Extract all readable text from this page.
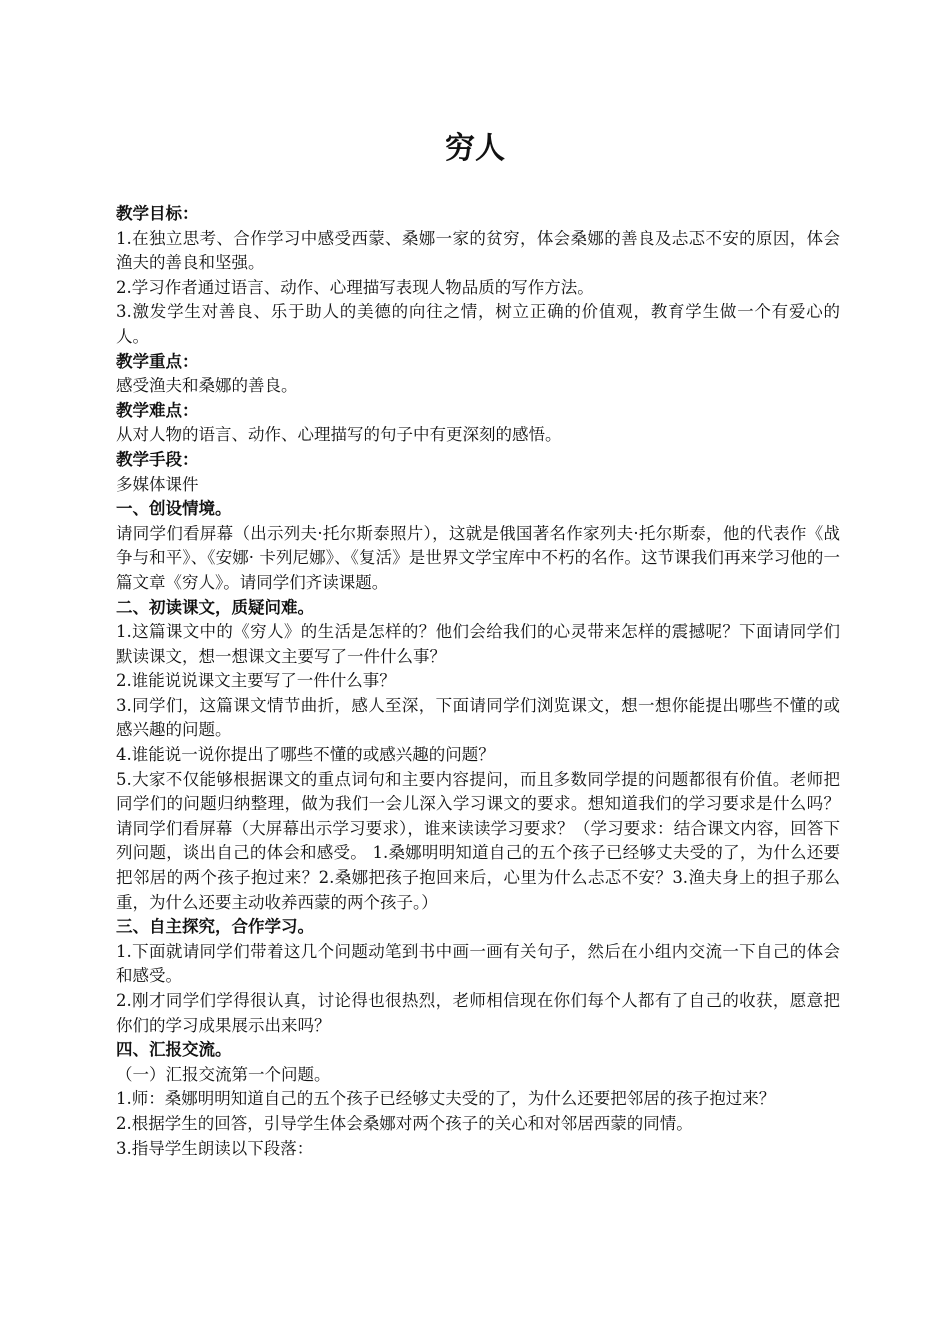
穷人

教学目标：

1.在独立思考、合作学习中感受西蒙、桑娜一家的贫穷，体会桑娜的善良及忐忑不安的原因，体会渔夫的善良和坚强。

2.学习作者通过语言、动作、心理描写表现人物品质的写作方法。

3.激发学生对善良、乐于助人的美德的向往之情，树立正确的价值观，教育学生做一个有爱心的人。

教学重点：

感受渔夫和桑娜的善良。

教学难点：

从对人物的语言、动作、心理描写的句子中有更深刻的感悟。

教学手段：

多媒体课件

一、创设情境。

请同学们看屏幕（出示列夫·托尔斯泰照片），这就是俄国著名作家列夫·托尔斯泰，他的代表作《战争与和平》、《安娜· 卡列尼娜》、《复活》是世界文学宝库中不朽的名作。这节课我们再来学习他的一篇文章《穷人》。请同学们齐读课题。

二、初读课文，质疑问难。

1.这篇课文中的《穷人》的生活是怎样的？他们会给我们的心灵带来怎样的震撼呢？下面请同学们默读课文，想一想课文主要写了一件什么事？

2.谁能说说课文主要写了一件什么事？

3.同学们，这篇课文情节曲折，感人至深，下面请同学们浏览课文，想一想你能提出哪些不懂的或感兴趣的问题。

4.谁能说一说你提出了哪些不懂的或感兴趣的问题？

5.大家不仅能够根据课文的重点词句和主要内容提问，而且多数同学提的问题都很有价值。老师把同学们的问题归纳整理，做为我们一会儿深入学习课文的要求。想知道我们的学习要求是什么吗？请同学们看屏幕（大屏幕出示学习要求），谁来读读学习要求？（学习要求：结合课文内容，回答下列问题，谈出自己的体会和感受。 1.桑娜明明知道自己的五个孩子已经够丈夫受的了，为什么还要把邻居的两个孩子抱过来？2.桑娜把孩子抱回来后，心里为什么忐忑不安？3.渔夫身上的担子那么重，为什么还要主动收养西蒙的两个孩子。）

三、自主探究，合作学习。

1.下面就请同学们带着这几个问题动笔到书中画一画有关句子，然后在小组内交流一下自己的体会和感受。

2.刚才同学们学得很认真，讨论得也很热烈，老师相信现在你们每个人都有了自己的收获，愿意把你们的学习成果展示出来吗？

四、汇报交流。

（一）汇报交流第一个问题。

1.师：桑娜明明知道自己的五个孩子已经够丈夫受的了，为什么还要把邻居的孩子抱过来？

2.根据学生的回答，引导学生体会桑娜对两个孩子的关心和对邻居西蒙的同情。

3.指导学生朗读以下段落：
